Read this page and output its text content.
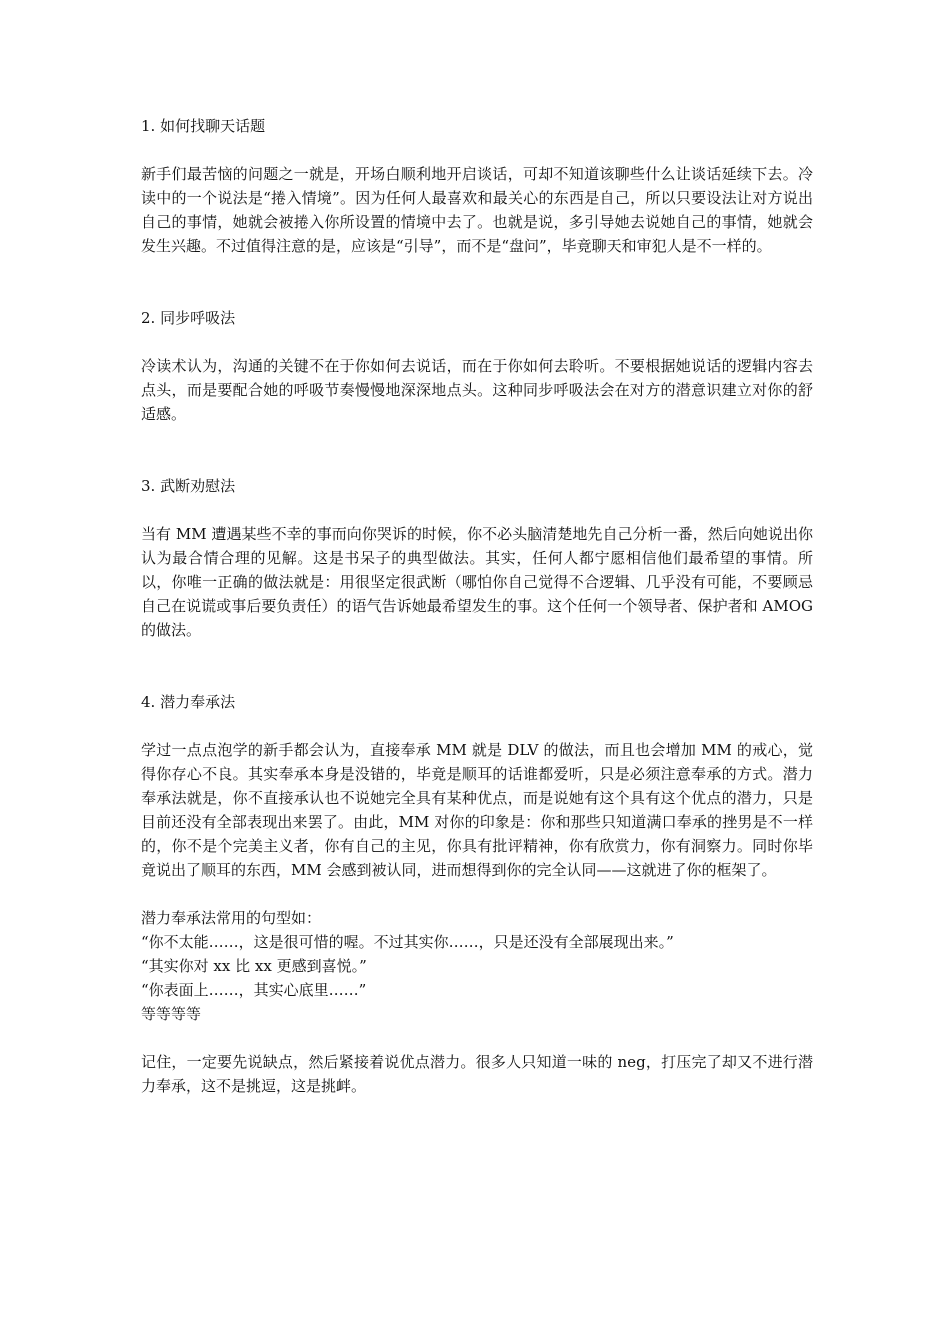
1. 如何找聊天话题

新手们最苦恼的问题之一就是，开场白顺利地开启谈话，可却不知道该聊些什么让谈话延续下去。冷读中的一个说法是“捲入情境”。因为任何人最喜欢和最关心的东西是自己，所以只要设法让对方说出自己的事情，她就会被捲入你所设置的情境中去了。也就是说，多引导她去说她自己的事情，她就会发生兴趣。不过值得注意的是，应该是“引导”，而不是“盘问”，毕竟聊天和审犯人是不一样的。

2. 同步呼吸法

冷读术认为，沟通的关键不在于你如何去说话，而在于你如何去聆听。不要根据她说话的逻辑内容去点头，而是要配合她的呼吸节奏慢慢地深深地点头。这种同步呼吸法会在对方的潜意识建立对你的舒适感。

3. 武断劝慰法

当有 MM 遭遇某些不幸的事而向你哭诉的时候，你不必头脑清楚地先自己分析一番，然后向她说出你认为最合情合理的见解。这是书呆子的典型做法。其实，任何人都宁愿相信他们最希望的事情。所以，你唯一正确的做法就是：用很坚定很武断（哪怕你自己觉得不合逻辑、几乎没有可能，不要顾忌自己在说谎或事后要负责任）的语气告诉她最希望发生的事。这个任何一个领导者、保护者和 AMOG 的做法。

4. 潜力奉承法

学过一点点泡学的新手都会认为，直接奉承 MM 就是 DLV 的做法，而且也会增加 MM 的戒心，觉得你存心不良。其实奉承本身是没错的，毕竟是顺耳的话谁都爱听，只是必须注意奉承的方式。潜力奉承法就是，你不直接承认也不说她完全具有某种优点，而是说她有这个具有这个优点的潜力，只是目前还没有全部表现出来罢了。由此，MM 对你的印象是：你和那些只知道满口奉承的挫男是不一样的，你不是个完美主义者，你有自己的主见，你具有批评精神，你有欣赏力，你有洞察力。同时你毕竟说出了顺耳的东西，MM 会感到被认同，进而想得到你的完全认同——这就进了你的框架了。

潜力奉承法常用的句型如：
“你不太能……，这是很可惜的喔。不过其实你……，只是还没有全部展现出来。”
“其实你对 xx 比 xx 更感到喜悦。”
“你表面上……，其实心底里……”
等等等等

记住，一定要先说缺点，然后紧接着说优点潜力。很多人只知道一味的 neg，打压完了却又不进行潜力奉承，这不是挑逗，这是挑衅。
